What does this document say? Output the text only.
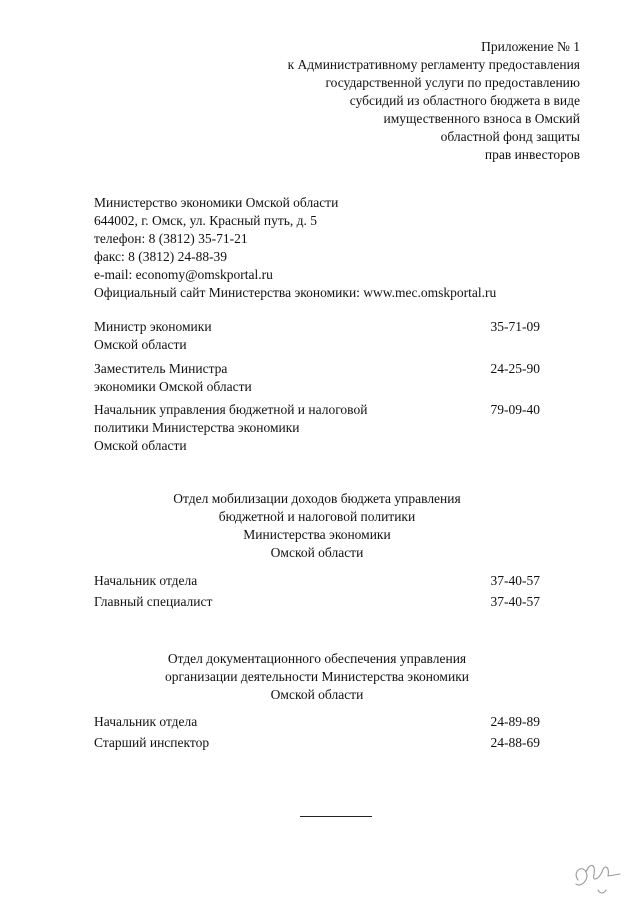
Приложение № 1
к Административному регламенту предоставления
государственной услуги по предоставлению
субсидий из областного бюджета в виде
имущественного взноса в Омский
областной фонд защиты
прав инвесторов
Министерство экономики Омской области
644002, г. Омск, ул. Красный путь, д. 5
телефон: 8 (3812) 35-71-21
факс: 8 (3812) 24-88-39
e-mail: economy@omskportal.ru
Официальный сайт Министерства экономики: www.mec.omskportal.ru
Министр экономики
Омской области
35-71-09
Заместитель Министра
экономики Омской области
24-25-90
Начальник управления бюджетной и налоговой
политики Министерства экономики
Омской области
79-09-40
Отдел мобилизации доходов бюджета управления
бюджетной и налоговой политики
Министерства экономики
Омской области
Начальник отдела	37-40-57
Главный специалист	37-40-57
Отдел документационного обеспечения управления
организации деятельности Министерства экономики
Омской области
Начальник отдела	24-89-89
Старший инспектор	24-88-69
